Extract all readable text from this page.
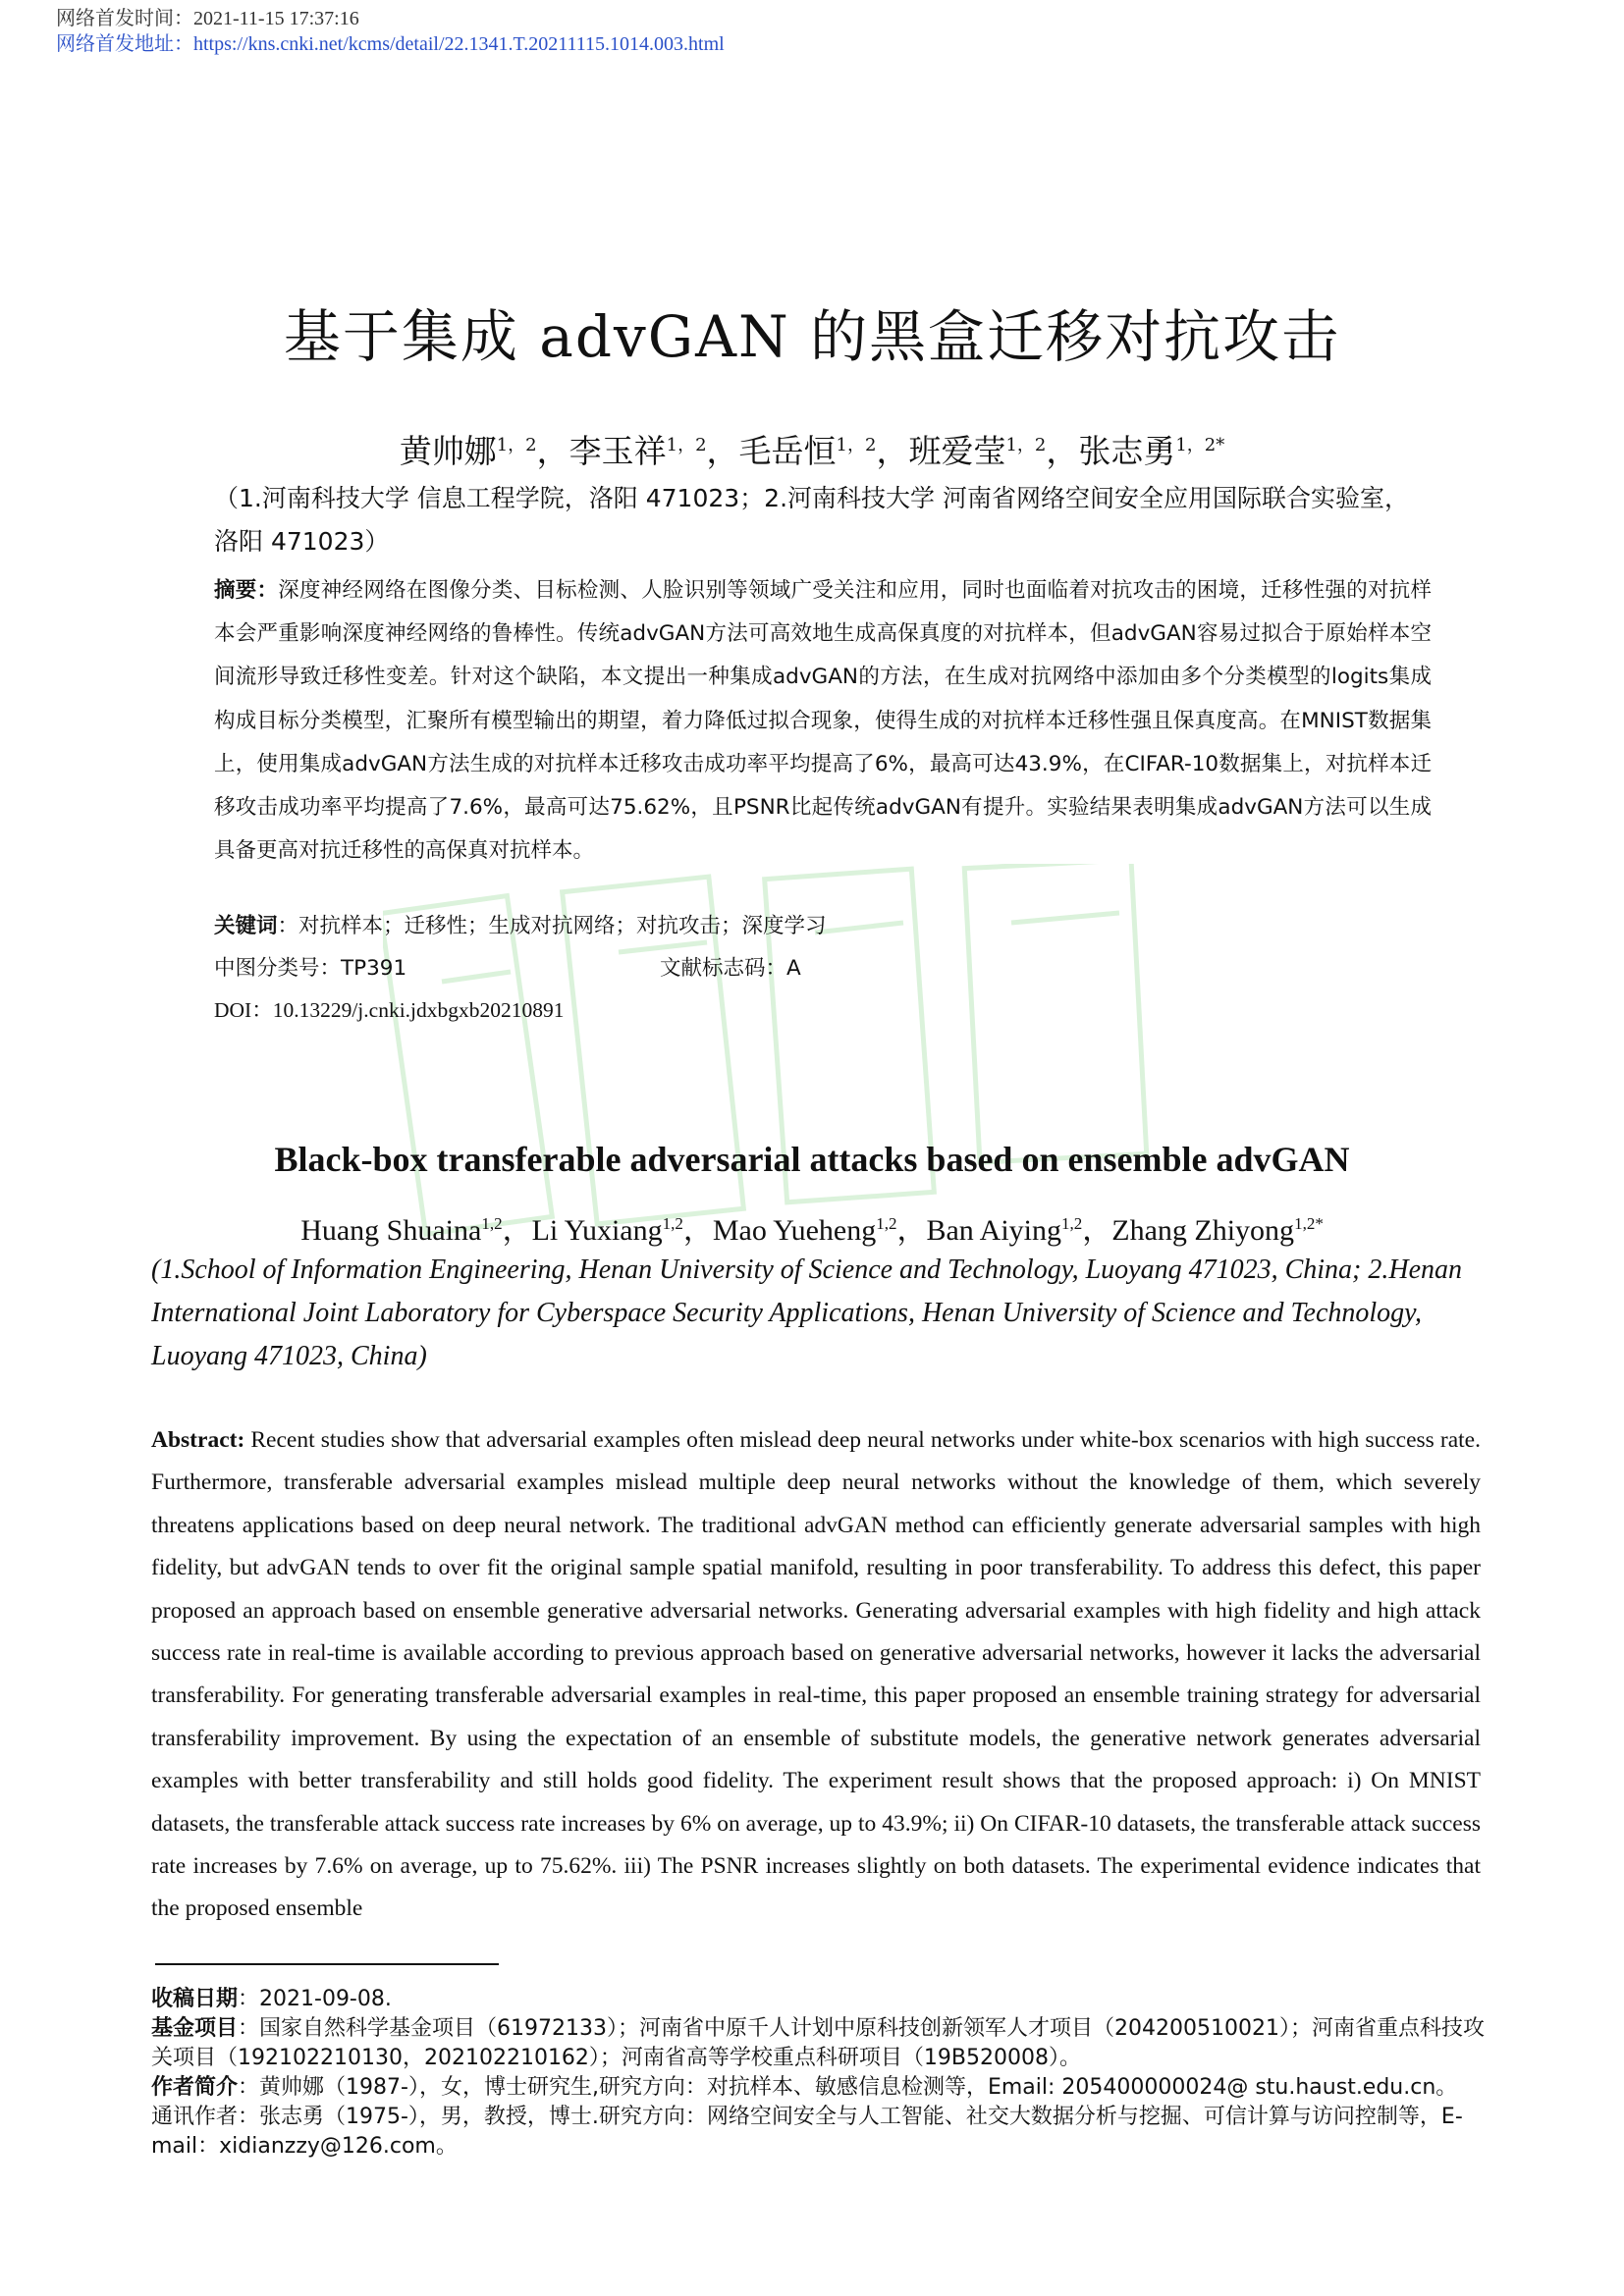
网络首发时间：2021-11-15 17:37:16
网络首发地址：https://kns.cnki.net/kcms/detail/22.1341.T.20211115.1014.003.html
基于集成 advGAN 的黑盒迁移对抗攻击
黄帅娜$^{1,2}$，李玉祥$^{1,2}$，毛岳恒$^{1,2}$，班爱莹$^{1,2}$，张志勇$^{1,2*}$
（1.河南科技大学 信息工程学院，洛阳 471023；2.河南科技大学 河南省网络空间安全应用国际联合实验室，洛阳 471023）
摘要：深度神经网络在图像分类、目标检测、人脸识别等领域广受关注和应用，同时也面临着对抗攻击的困境，迁移性强的对抗样本会严重影响深度神经网络的鲁棒性。传统advGAN方法可高效地生成高保真度的对抗样本，但advGAN容易过拟合于原始样本空间流形导致迁移性变差。针对这个缺陷，本文提出一种集成advGAN的方法，在生成对抗网络中添加由多个分类模型的logits集成构成目标分类模型，汇聚所有模型输出的期望，着力降低过拟合现象，使得生成的对抗样本迁移性强且保真度高。在MNIST数据集上，使用集成advGAN方法生成的对抗样本迁移攻击成功率平均提高了6%，最高可达43.9%，在CIFAR-10数据集上，对抗样本迁移攻击成功率平均提高了7.6%，最高可达75.62%，且PSNR比起传统advGAN有提升。实验结果表明集成advGAN方法可以生成具备更高对抗迁移性的高保真对抗样本。
关键词：对抗样本；迁移性；生成对抗网络；对抗攻击；深度学习
中图分类号：TP391	文献标志码：A
DOI：10.13229/j.cnki.jdxbgxb20210891
Black-box transferable adversarial attacks based on ensemble advGAN
Huang Shuaina$^{1,2}$，Li Yuxiang$^{1,2}$，Mao Yueheng$^{1,2}$，Ban Aiying$^{1,2}$，Zhang Zhiyong$^{1,2*}$
(1.School of Information Engineering, Henan University of Science and Technology, Luoyang 471023, China; 2.Henan International Joint Laboratory for Cyberspace Security Applications, Henan University of Science and Technology, Luoyang 471023, China)
Abstract: Recent studies show that adversarial examples often mislead deep neural networks under white-box scenarios with high success rate. Furthermore, transferable adversarial examples mislead multiple deep neural networks without the knowledge of them, which severely threatens applications based on deep neural network. The traditional advGAN method can efficiently generate adversarial samples with high fidelity, but advGAN tends to over fit the original sample spatial manifold, resulting in poor transferability. To address this defect, this paper proposed an approach based on ensemble generative adversarial networks. Generating adversarial examples with high fidelity and high attack success rate in real-time is available according to previous approach based on generative adversarial networks, however it lacks the adversarial transferability. For generating transferable adversarial examples in real-time, this paper proposed an ensemble training strategy for adversarial transferability improvement. By using the expectation of an ensemble of substitute models, the generative network generates adversarial examples with better transferability and still holds good fidelity. The experiment result shows that the proposed approach: i) On MNIST datasets, the transferable attack success rate increases by 6% on average, up to 43.9%; ii) On CIFAR-10 datasets, the transferable attack success rate increases by 7.6% on average, up to 75.62%. iii) The PSNR increases slightly on both datasets. The experimental evidence indicates that the proposed ensemble
收稿日期：2021-09-08.
基金项目：国家自然科学基金项目（61972133）；河南省中原千人计划中原科技创新领军人才项目（204200510021）；河南省重点科技攻关项目（192102210130，202102210162）；河南省高等学校重点科研项目（19B520008）。
作者简介：黄帅娜（1987-），女，博士研究生,研究方向：对抗样本、敏感信息检测等，Email: 205400000024@ stu.haust.edu.cn。
通讯作者：张志勇（1975-），男，教授，博士.研究方向：网络空间安全与人工智能、社交大数据分析与挖掘、可信计算与访问控制等，E-mail：xidianzzy@126.com。
